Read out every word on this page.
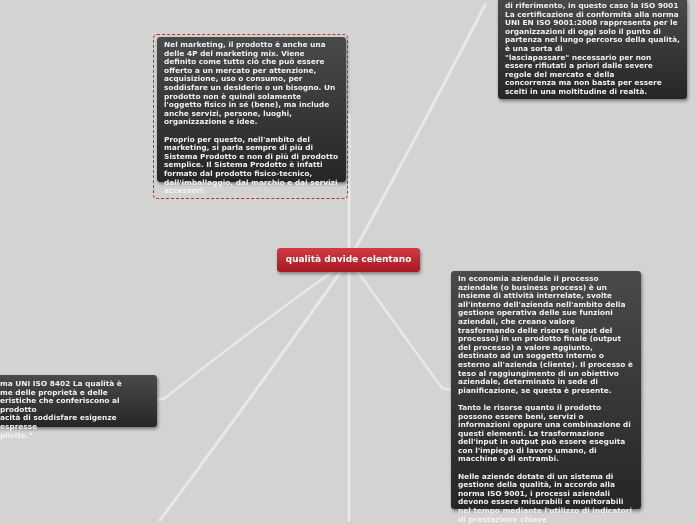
Nel marketing, il prodotto è anche una delle 4P del marketing mix. Viene definito come tutto ciò che può essere offerto a un mercato per attenzione, acquisizione, uso o consumo, per soddisfare un desiderio o un bisogno. Un prodotto non è quindi solamente l'oggetto fisico in sé (bene), ma include anche servizi, persone, luoghi, organizzazione e idee.

Proprio per questo, nell'ambito del marketing, si parla sempre di più di Sistema Prodotto e non di più di prodotto semplice. Il Sistema Prodotto è infatti formato dal prodotto fisico-tecnico, dall'imballaggio, dal marchio e dai servizi accessori.
di riferimento, in questo caso la ISO 9001
La certificazione di conformità alla norma UNI EN ISO 9001:2008 rappresenta per le organizzazioni di oggi solo il punto di partenza nel lungo percorso della qualità, è una sorta di
"lasciapassare" necessario per non essere rifiutati a priori dalle severe regole del mercato e della
concorrenza ma non basta per essere scelti in una moltitudine di realtà.
In economia aziendale il processo aziendale (o business process) è un insieme di attività interrelate, svolte all'interno dell'azienda nell'ambito della gestione operativa delle sue funzioni aziendali, che creano valore trasformando delle risorse (input del processo) in un prodotto finale (output del processo) a valore aggiunto, destinato ad un soggetto interno o esterno all'azienda (cliente). Il processo è teso al raggiungimento di un obiettivo aziendale, determinato in sede di pianificazione, se questa è presente.

Tanto le risorse quanto il prodotto possono essere beni, servizi o informazioni oppure una combinazione di questi elementi. La trasformazione dell'input in output può essere eseguita con l'impiego di lavoro umano, di macchine o di entrambi.

Nelle aziende dotate di un sistema di gestione della qualità, in accordo alla norma ISO 9001, i processi aziendali devono essere misurabili e monitorabili nel tempo mediante l'utilizzo di indicatori di prestazione chiave
ma UNI ISO 8402 La qualità è
me delle proprietà e delle
eristiche che conferiscono al prodotto
acità di soddisfare esigenze espresse
plicite."
qualità davide celentano
